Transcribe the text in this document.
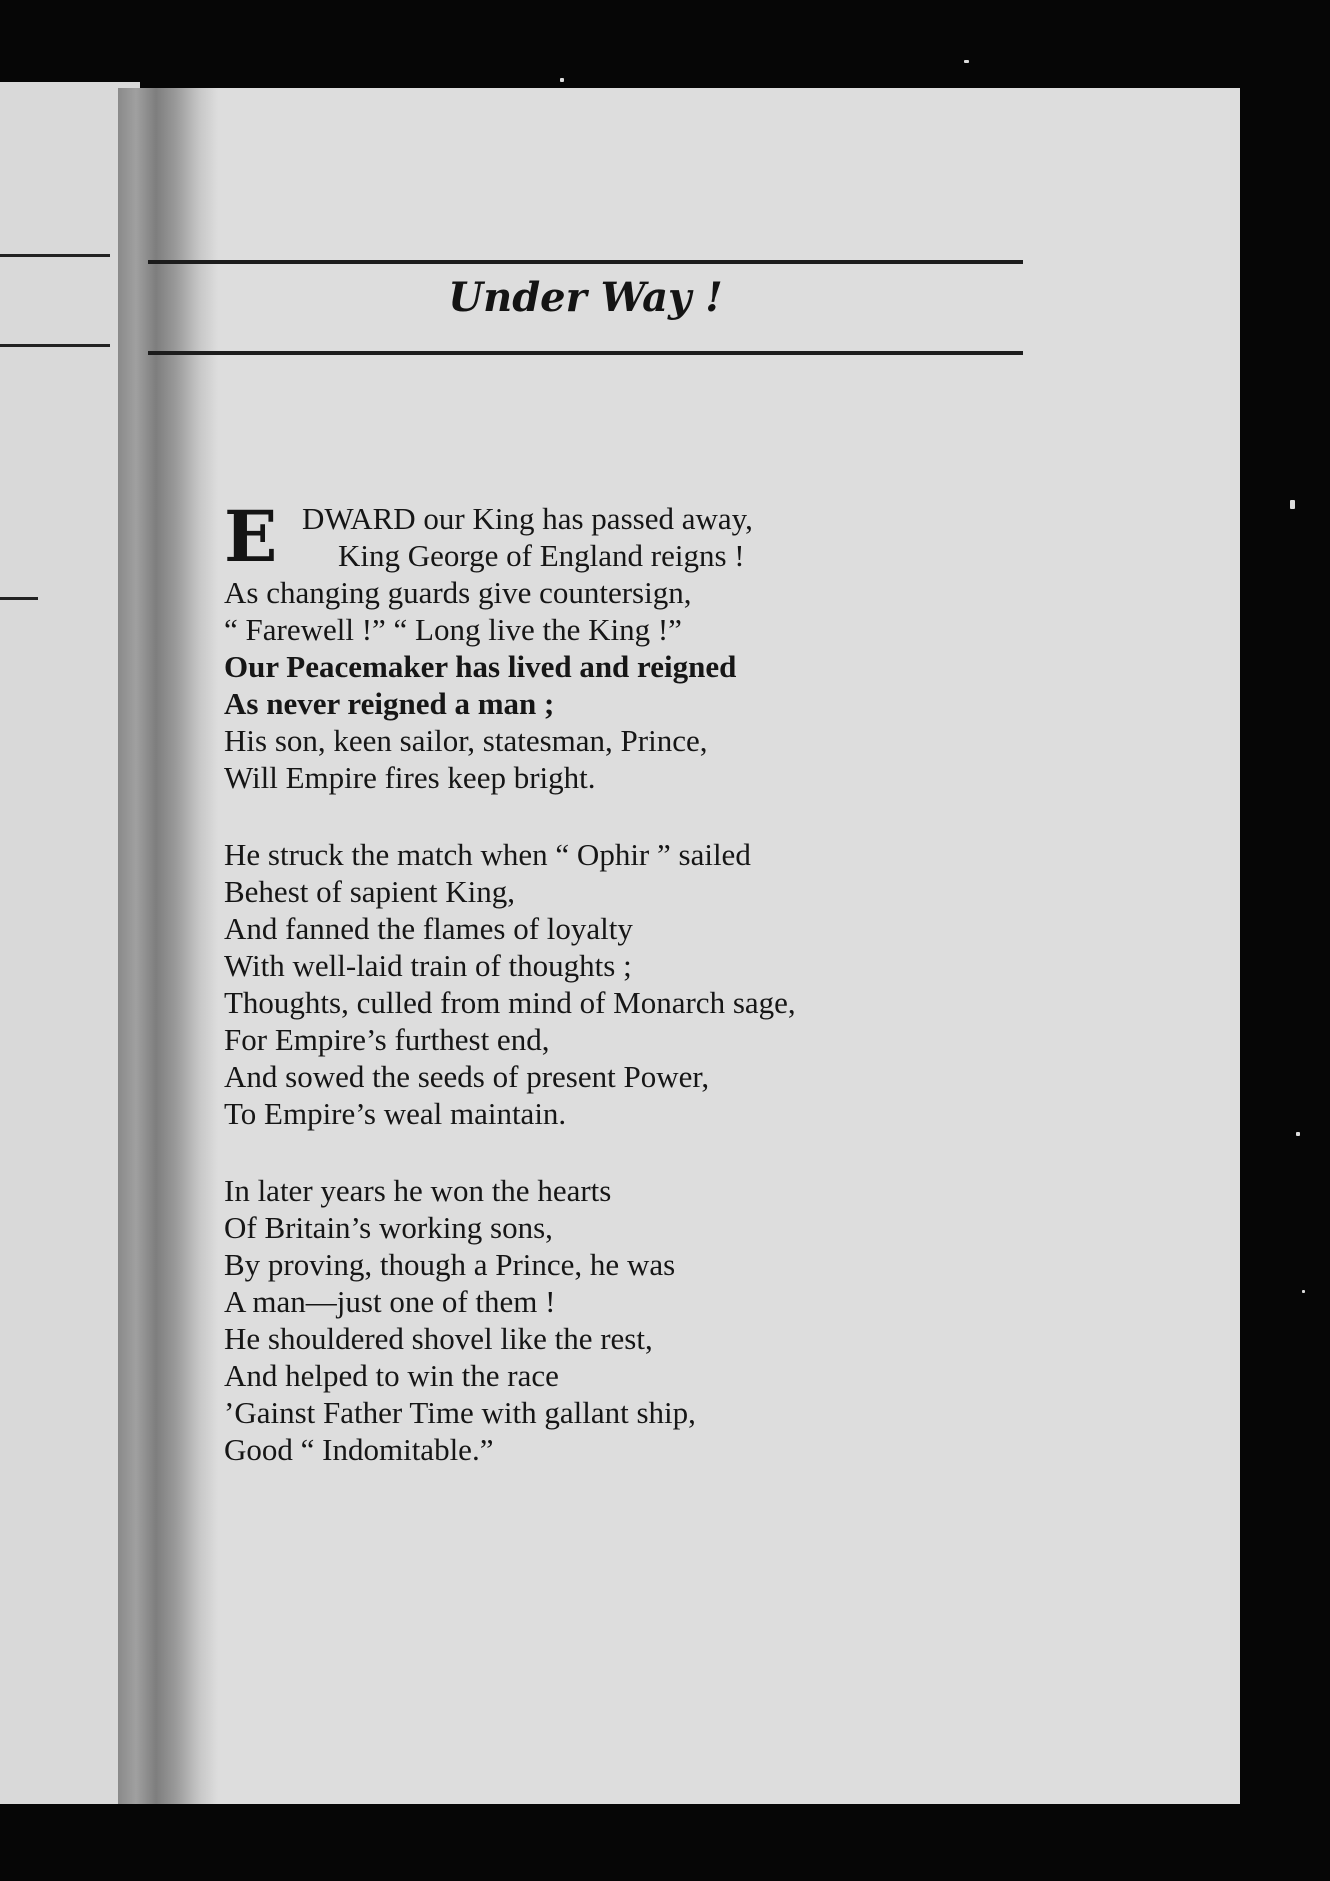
Under Way !
E DWARD our King has passed away,
King George of England reigns !
As changing guards give countersign,
“ Farewell !” “ Long live the King !”
Our Peacemaker has lived and reigned
As never reigned a man ;
His son, keen sailor, statesman, Prince,
Will Empire fires keep bright.
He struck the match when “ Ophir ” sailed
Behest of sapient King,
And fanned the flames of loyalty
With well-laid train of thoughts ;
Thoughts, culled from mind of Monarch sage,
For Empire’s furthest end,
And sowed the seeds of present Power,
To Empire’s weal maintain.
In later years he won the hearts
Of Britain’s working sons,
By proving, though a Prince, he was
A man—just one of them !
He shouldered shovel like the rest,
And helped to win the race
’Gainst Father Time with gallant ship,
Good “ Indomitable.”
